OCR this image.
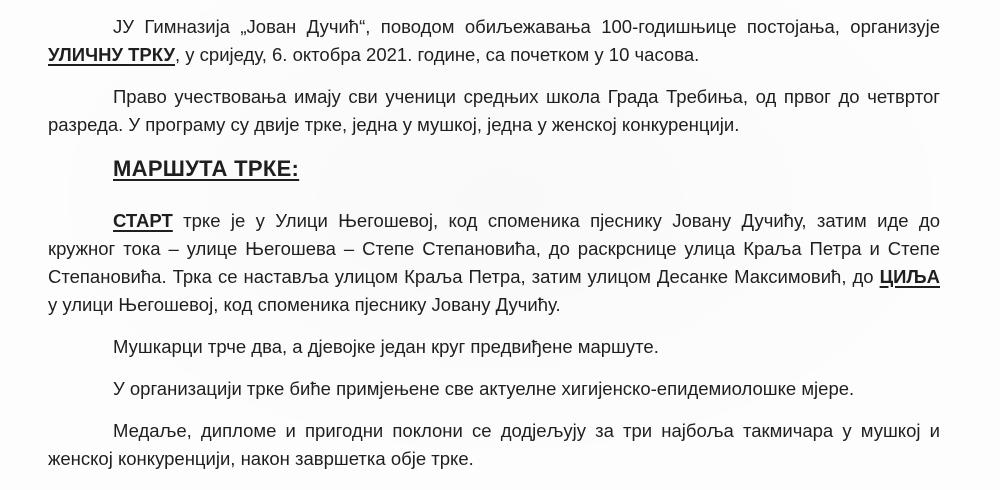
ЈУ Гимназија „Јован Дучић“, поводом обиљежавања 100-годишњице постојања, организује УЛИЧНУ ТРКУ, у сриједу, 6. октобра 2021. године, са почетком у 10 часова.

Право учествовања имају сви ученици средњих школа Града Требиња, од првог до четвртог разреда. У програму су двије трке, једна у мушкој, једна у женској конкуренцији.

МАРШУТА ТРКЕ:

СТАРТ трке је у Улици Његошевој, код споменика пјеснику Јовану Дучићу, затим иде до кружног тока – улице Његошева – Степе Степановића, до раскрснице улица Краља Петра и Степе Степановића. Трка се наставља улицом Краља Петра, затим улицом Десанке Максимовић, до ЦИЉА у улици Његошевој, код споменика пјеснику Јовану Дучићу.

Мушкарци трче два, а дјевојке један круг предвиђене маршуте.

У организацији трке биће примјењене све актуелне хигијенско-епидемиолошке мјере.

Медаље, дипломе и пригодни поклони се додјељују за три најбоља такмичара у мушкој и женској конкуренцији, након завршетка обје трке.
